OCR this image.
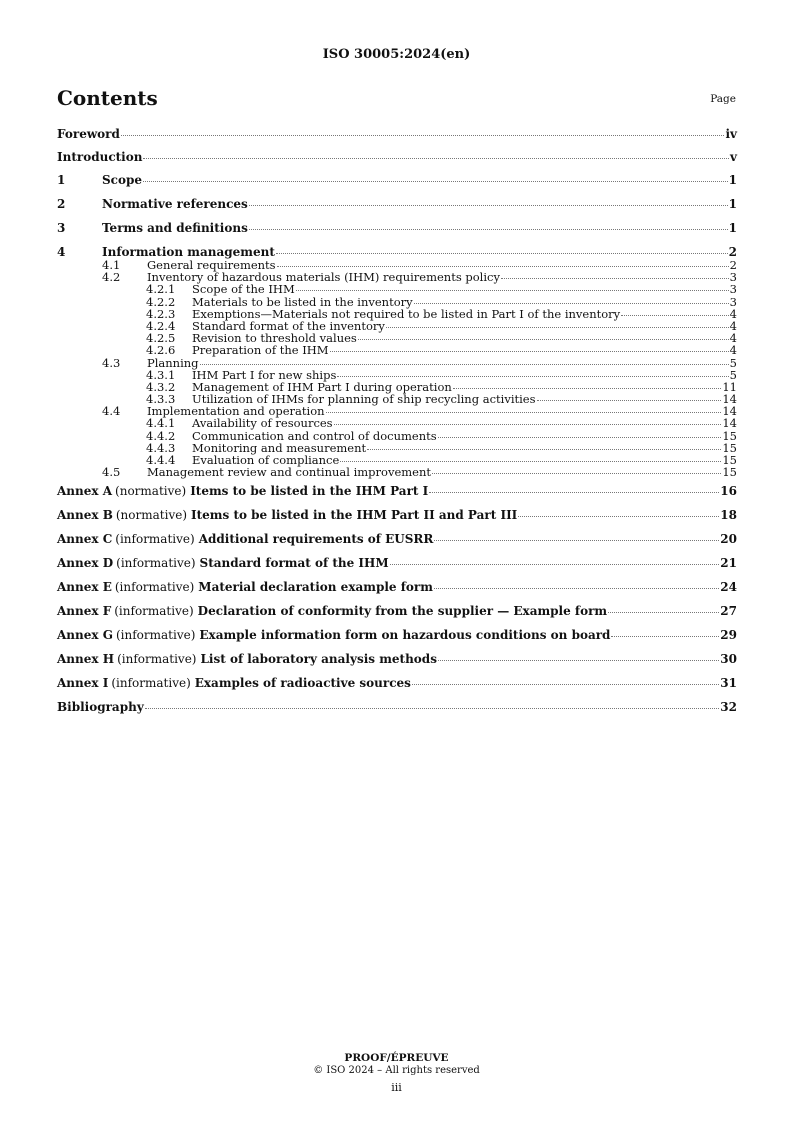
ISO 30005:2024(en)
Contents	Page
Foreword	iv
Introduction	v
1	Scope	1
2	Normative references	1
3	Terms and definitions	1
4	Information management	2
4.1	General requirements	2
4.2	Inventory of hazardous materials (IHM) requirements policy	3
4.2.1	Scope of the IHM	3
4.2.2	Materials to be listed in the inventory	3
4.2.3	Exemptions—Materials not required to be listed in Part I of the inventory	4
4.2.4	Standard format of the inventory	4
4.2.5	Revision to threshold values	4
4.2.6	Preparation of the IHM	4
4.3	Planning	5
4.3.1	IHM Part I for new ships	5
4.3.2	Management of IHM Part I during operation	11
4.3.3	Utilization of IHMs for planning of ship recycling activities	14
4.4	Implementation and operation	14
4.4.1	Availability of resources	14
4.4.2	Communication and control of documents	15
4.4.3	Monitoring and measurement	15
4.4.4	Evaluation of compliance	15
4.5	Management review and continual improvement	15
Annex A (normative) Items to be listed in the IHM Part I	16
Annex B (normative) Items to be listed in the IHM Part II and Part III	18
Annex C (informative) Additional requirements of EUSRR	20
Annex D (informative) Standard format of the IHM	21
Annex E (informative) Material declaration example form	24
Annex F (informative) Declaration of conformity from the supplier — Example form	27
Annex G (informative) Example information form on hazardous conditions on board	29
Annex H (informative) List of laboratory analysis methods	30
Annex I (informative) Examples of radioactive sources	31
Bibliography	32
PROOF/ÉPREUVE
© ISO 2024 – All rights reserved
iii
